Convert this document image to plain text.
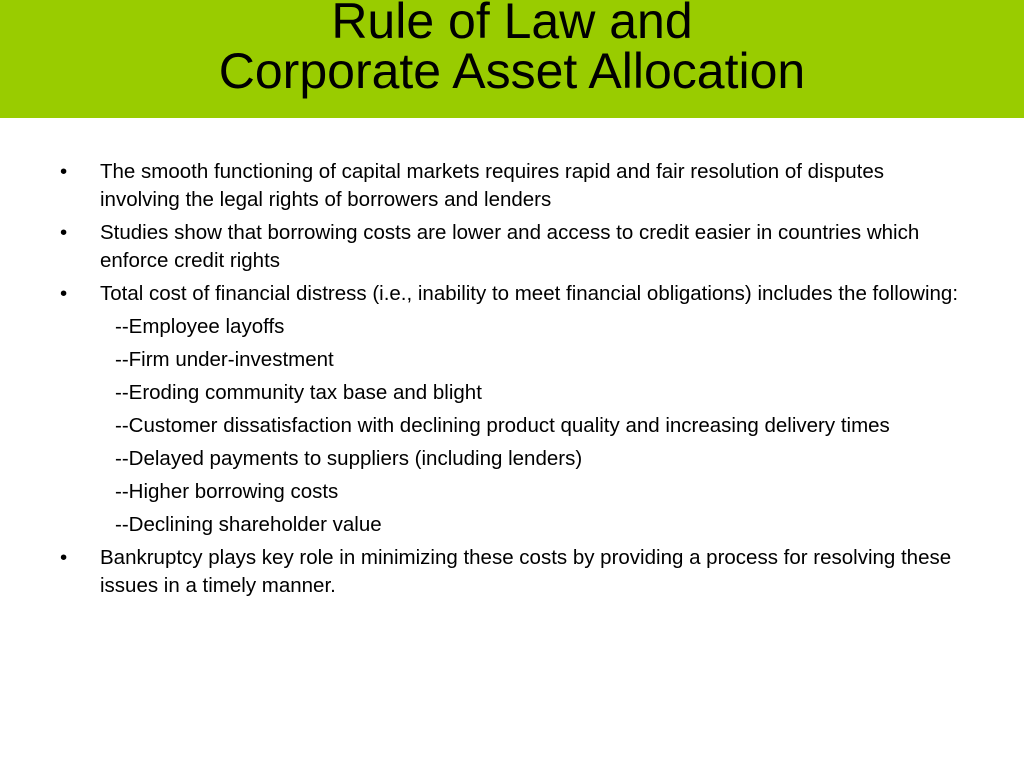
Rule of Law and
Corporate Asset Allocation
•	The smooth functioning of capital markets requires rapid and fair resolution of disputes involving the legal rights of borrowers and lenders
•	Studies show that borrowing costs are lower and access to credit easier in countries which enforce credit rights
•	Total cost of financial distress (i.e., inability to meet financial obligations) includes the following:
--Employee layoffs
--Firm under-investment
--Eroding community tax base and blight
--Customer dissatisfaction with declining product quality and increasing delivery times
--Delayed payments to suppliers (including lenders)
--Higher borrowing costs
--Declining shareholder value
•	Bankruptcy plays key role in minimizing these costs by providing a process for resolving these issues in a timely manner.
